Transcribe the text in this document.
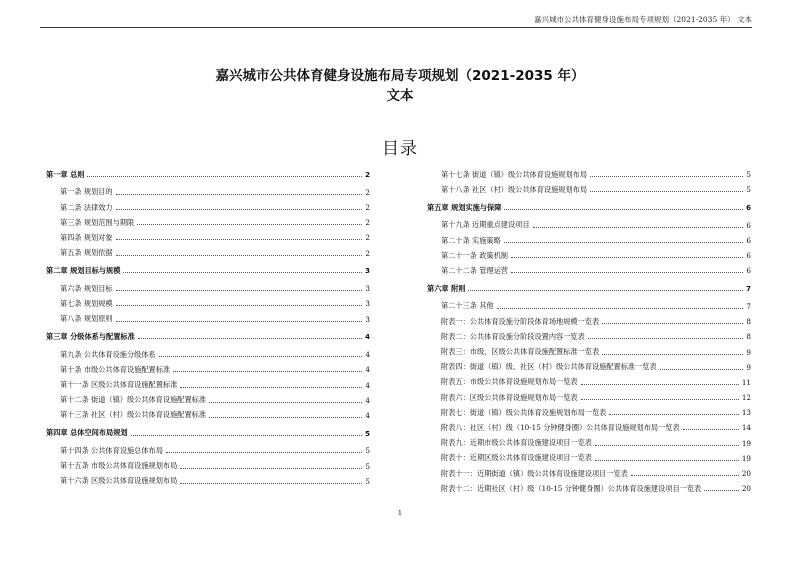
嘉兴城市公共体育健身设施布局专项规划（2021-2035 年） 文本
嘉兴城市公共体育健身设施布局专项规划（2021-2035 年）
文本
目录
第一章 总则	2
第一条 规划目的	2
第二条 法律效力	2
第三条 规划范围与期限	2
第四条 规划对象	2
第五条 规划依据	2
第二章 规划目标与规模	3
第六条 规划目标	3
第七条 规划规模	3
第八条 规划原则	3
第三章 分级体系与配置标准	4
第九条 公共体育设施分级体系	4
第十条 市级公共体育设施配置标准	4
第十一条 区级公共体育设施配置标准	4
第十二条 街道（镇）级公共体育设施配置标准	4
第十三条 社区（村）级公共体育设施配置标准	4
第四章 总体空间布局规划	5
第十四条 公共体育设施总体布局	5
第十五条 市级公共体育设施规划布局	5
第十六条 区级公共体育设施规划布局	5
第十七条 街道（镇）级公共体育设施规划布局	5
第十八条 社区（村）级公共体育设施规划布局	5
第五章 规划实施与保障	6
第十九条 近期重点建设项目	6
第二十条 实施策略	6
第二十一条 政策机制	6
第二十二条 管理运营	6
第六章 附则	7
第二十三条 其他	7
附表一：公共体育设施分阶段体育场地规模一览表	8
附表二：公共体育设施分阶段设置内容一览表	8
附表三：市级、区级公共体育设施配置标准一览表	9
附表四：街道（镇）级、社区（村）级公共体育设施配置标准一览表	9
附表五：市级公共体育设施规划布局一览表	11
附表六：区级公共体育设施规划布局一览表	12
附表七：街道（镇）级公共体育设施规划布局一览表	13
附表八：社区（村）级（10-15 分钟健身圈）公共体育设施规划布局一览表	14
附表九：近期市级公共体育设施建设项目一览表	19
附表十：近期区级公共体育设施建设项目一览表	19
附表十一：近期街道（镇）级公共体育设施建设项目一览表	20
附表十二：近期社区（村）级（10-15 分钟健身圈）公共体育设施建设项目一览表	20
1
